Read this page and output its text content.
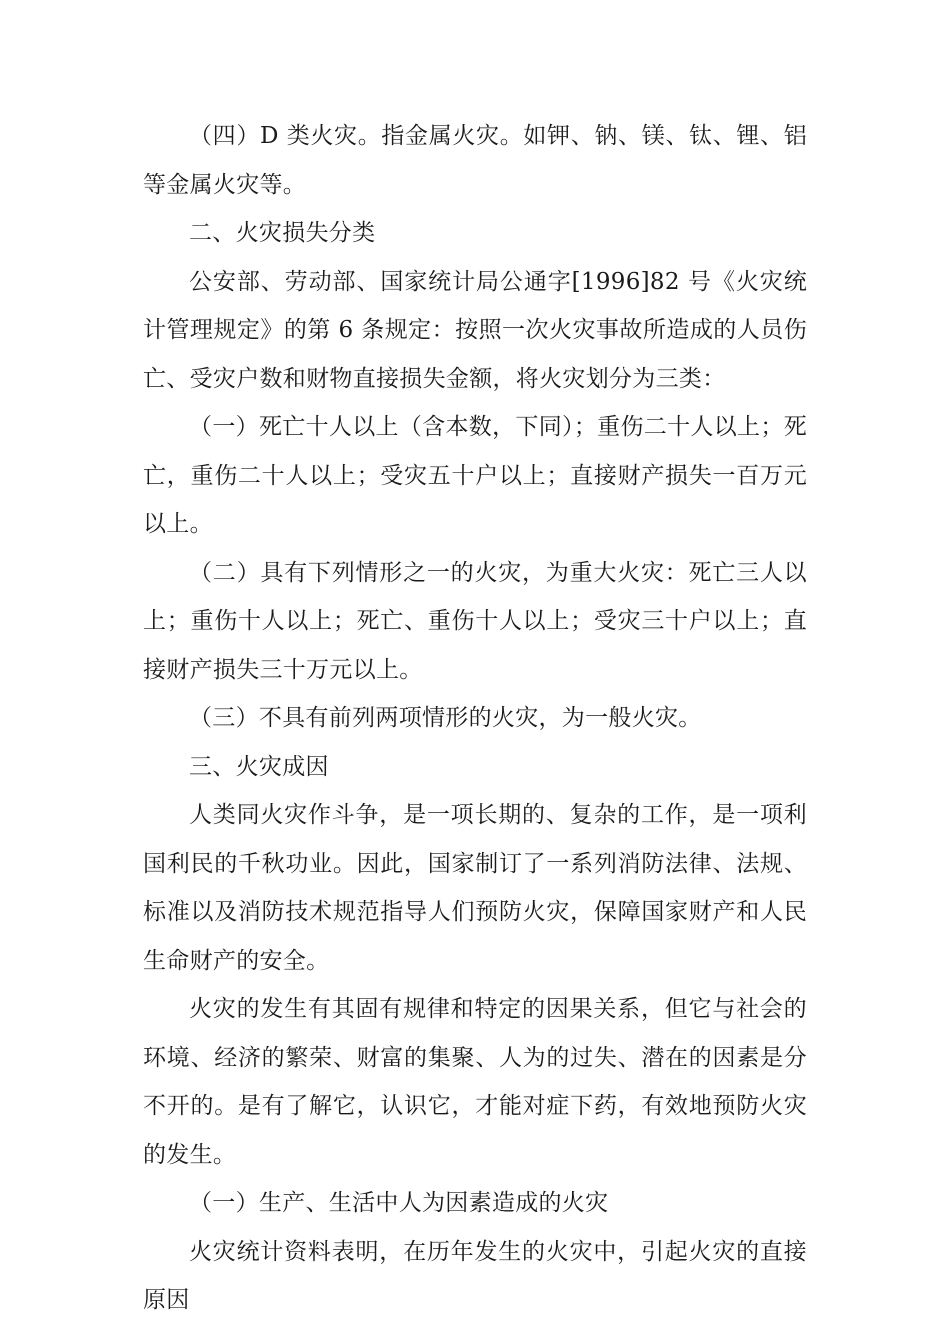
（四）D 类火灾。指金属火灾。如钾、钠、镁、钛、锂、铝等金属火灾等。

二、火灾损失分类

公安部、劳动部、国家统计局公通字[1996]82 号《火灾统计管理规定》的第 6 条规定：按照一次火灾事故所造成的人员伤亡、受灾户数和财物直接损失金额，将火灾划分为三类：

（一）死亡十人以上（含本数，下同）；重伤二十人以上；死亡，重伤二十人以上；受灾五十户以上；直接财产损失一百万元以上。

（二）具有下列情形之一的火灾，为重大火灾：死亡三人以上；重伤十人以上；死亡、重伤十人以上；受灾三十户以上；直接财产损失三十万元以上。

（三）不具有前列两项情形的火灾，为一般火灾。

三、火灾成因

人类同火灾作斗争，是一项长期的、复杂的工作，是一项利国利民的千秋功业。因此，国家制订了一系列消防法律、法规、标准以及消防技术规范指导人们预防火灾，保障国家财产和人民生命财产的安全。

火灾的发生有其固有规律和特定的因果关系，但它与社会的环境、经济的繁荣、财富的集聚、人为的过失、潜在的因素是分不开的。是有了解它，认识它，才能对症下药，有效地预防火灾的发生。

（一）生产、生活中人为因素造成的火灾

火灾统计资料表明，在历年发生的火灾中，引起火灾的直接原因
